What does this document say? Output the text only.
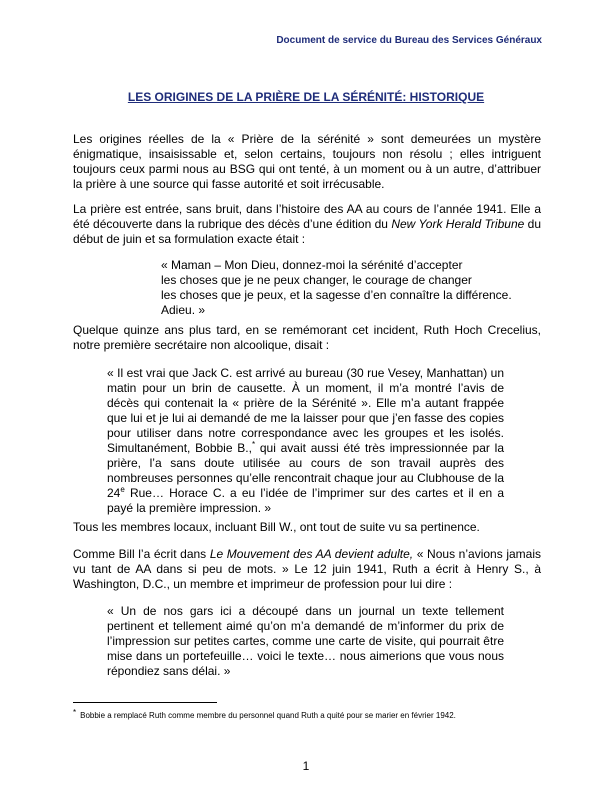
Document de service du Bureau des Services Généraux
LES ORIGINES DE LA PRIÈRE DE LA SÉRÉNITÉ: HISTORIQUE

Les origines réelles de la « Prière de la sérénité » sont demeurées un mystère énigmatique, insaisissable et, selon certains, toujours non résolu ; elles intriguent toujours ceux parmi nous au BSG qui ont tenté, à un moment ou à un autre, d’attribuer la prière à une source qui fasse autorité et soit irrécusable.

La prière est entrée, sans bruit, dans l’histoire des AA au cours de l’année 1941. Elle a été découverte dans la rubrique des décès d’une édition du New York Herald Tribune du début de juin et sa formulation exacte était :

« Maman – Mon Dieu, donnez-moi la sérénité d’accepter
les choses que je ne peux changer, le courage de changer
les choses que je peux, et la sagesse d’en connaître la différence.
Adieu. »

Quelque quinze ans plus tard, en se remémorant cet incident, Ruth Hoch Crecelius, notre première secrétaire non alcoolique, disait :

« Il est vrai que Jack C. est arrivé au bureau (30 rue Vesey, Manhattan) un matin pour un brin de causette. À un moment, il m’a montré l’avis de décès qui contenait la « prière de la Sérénité ». Elle m’a autant frappée que lui et je lui ai demandé de me la laisser pour que j’en fasse des copies pour utiliser dans notre correspondance avec les groupes et les isolés. Simultanément, Bobbie B.,* qui avait aussi été très impressionnée par la prière, l’a sans doute utilisée au cours de son travail auprès des nombreuses personnes qu’elle rencontrait chaque jour au Clubhouse de la 24e Rue… Horace C. a eu l’idée de l’imprimer sur des cartes et il en a payé la première impression. »

Tous les membres locaux, incluant Bill W., ont tout de suite vu sa pertinence.

Comme Bill l’a écrit dans Le Mouvement des AA devient adulte, « Nous n’avions jamais vu tant de AA dans si peu de mots. » Le 12 juin 1941, Ruth a écrit à Henry S., à Washington, D.C., un membre et imprimeur de profession pour lui dire :

« Un de nos gars ici a découpé dans un journal un texte tellement pertinent et tellement aimé qu’on m’a demandé de m’informer du prix de l’impression sur petites cartes, comme une carte de visite, qui pourrait être mise dans un portefeuille… voici le texte… nous aimerions que vous nous répondiez sans délai. »

* Bobbie a remplacé Ruth comme membre du personnel quand Ruth a quité pour se marier en février 1942.
1
